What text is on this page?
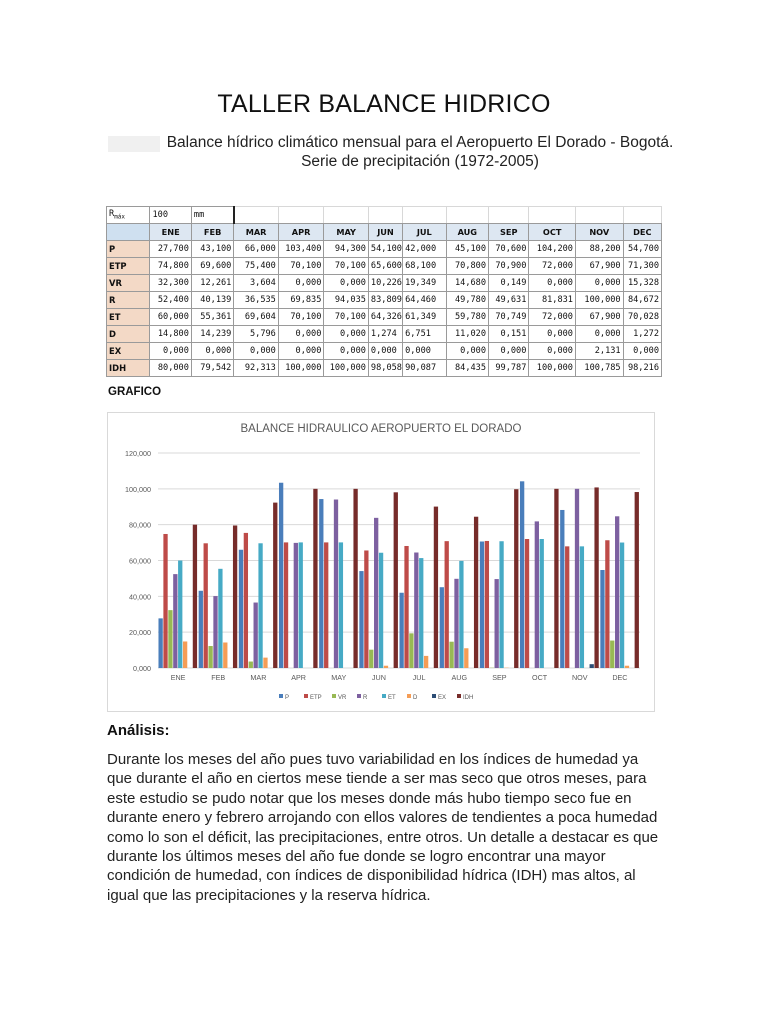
TALLER BALANCE HIDRICO
Balance hídrico climático mensual para el Aeropuerto El Dorado - Bogotá.
Serie de precipitación (1972-2005)
$R_{máx}$	100	mm										
	ENE	FEB	MAR	APR	MAY	JUN	JUL	AUG	SEP	OCT	NOV	DEC
P	27,700	43,100	66,000	103,400	94,300	54,100	42,000	45,100	70,600	104,200	88,200	54,700
ETP	74,800	69,600	75,400	70,100	70,100	65,600	68,100	70,800	70,900	72,000	67,900	71,300
VR	32,300	12,261	3,604	0,000	0,000	10,226	19,349	14,680	0,149	0,000	0,000	15,328
R	52,400	40,139	36,535	69,835	94,035	83,809	64,460	49,780	49,631	81,831	100,000	84,672
ET	60,000	55,361	69,604	70,100	70,100	64,326	61,349	59,780	70,749	72,000	67,900	70,028
D	14,800	14,239	5,796	0,000	0,000	1,274	6,751	11,020	0,151	0,000	0,000	1,272
EX	0,000	0,000	0,000	0,000	0,000	0,000	0,000	0,000	0,000	0,000	2,131	0,000
IDH	80,000	79,542	92,313	100,000	100,000	98,058	90,087	84,435	99,787	100,000	100,785	98,216
GRAFICO
BALANCE HIDRAULICO AEROPUERTO EL DORADO
0,000
20,000
40,000
60,000
80,000
100,000
120,000
ENE	FEB	MAR	APR	MAY	JUN	JUL	AUG	SEP	OCT	NOV	DEC
P	ETP	VR	R	ET	D	EX	IDH
Análisis:
Durante los meses del año pues tuvo variabilidad en los índices de humedad ya que durante el año en ciertos mese tiende a ser mas seco que otros meses, para este estudio se pudo notar que los meses donde más hubo tiempo seco fue en durante enero y febrero arrojando con ellos valores de tendientes a poca humedad como lo son el déficit, las precipitaciones, entre otros. Un detalle a destacar es que durante los últimos meses del año fue donde se logro encontrar una mayor condición de humedad, con índices de disponibilidad hídrica (IDH) mas altos, al igual que las precipitaciones y la reserva hídrica.
